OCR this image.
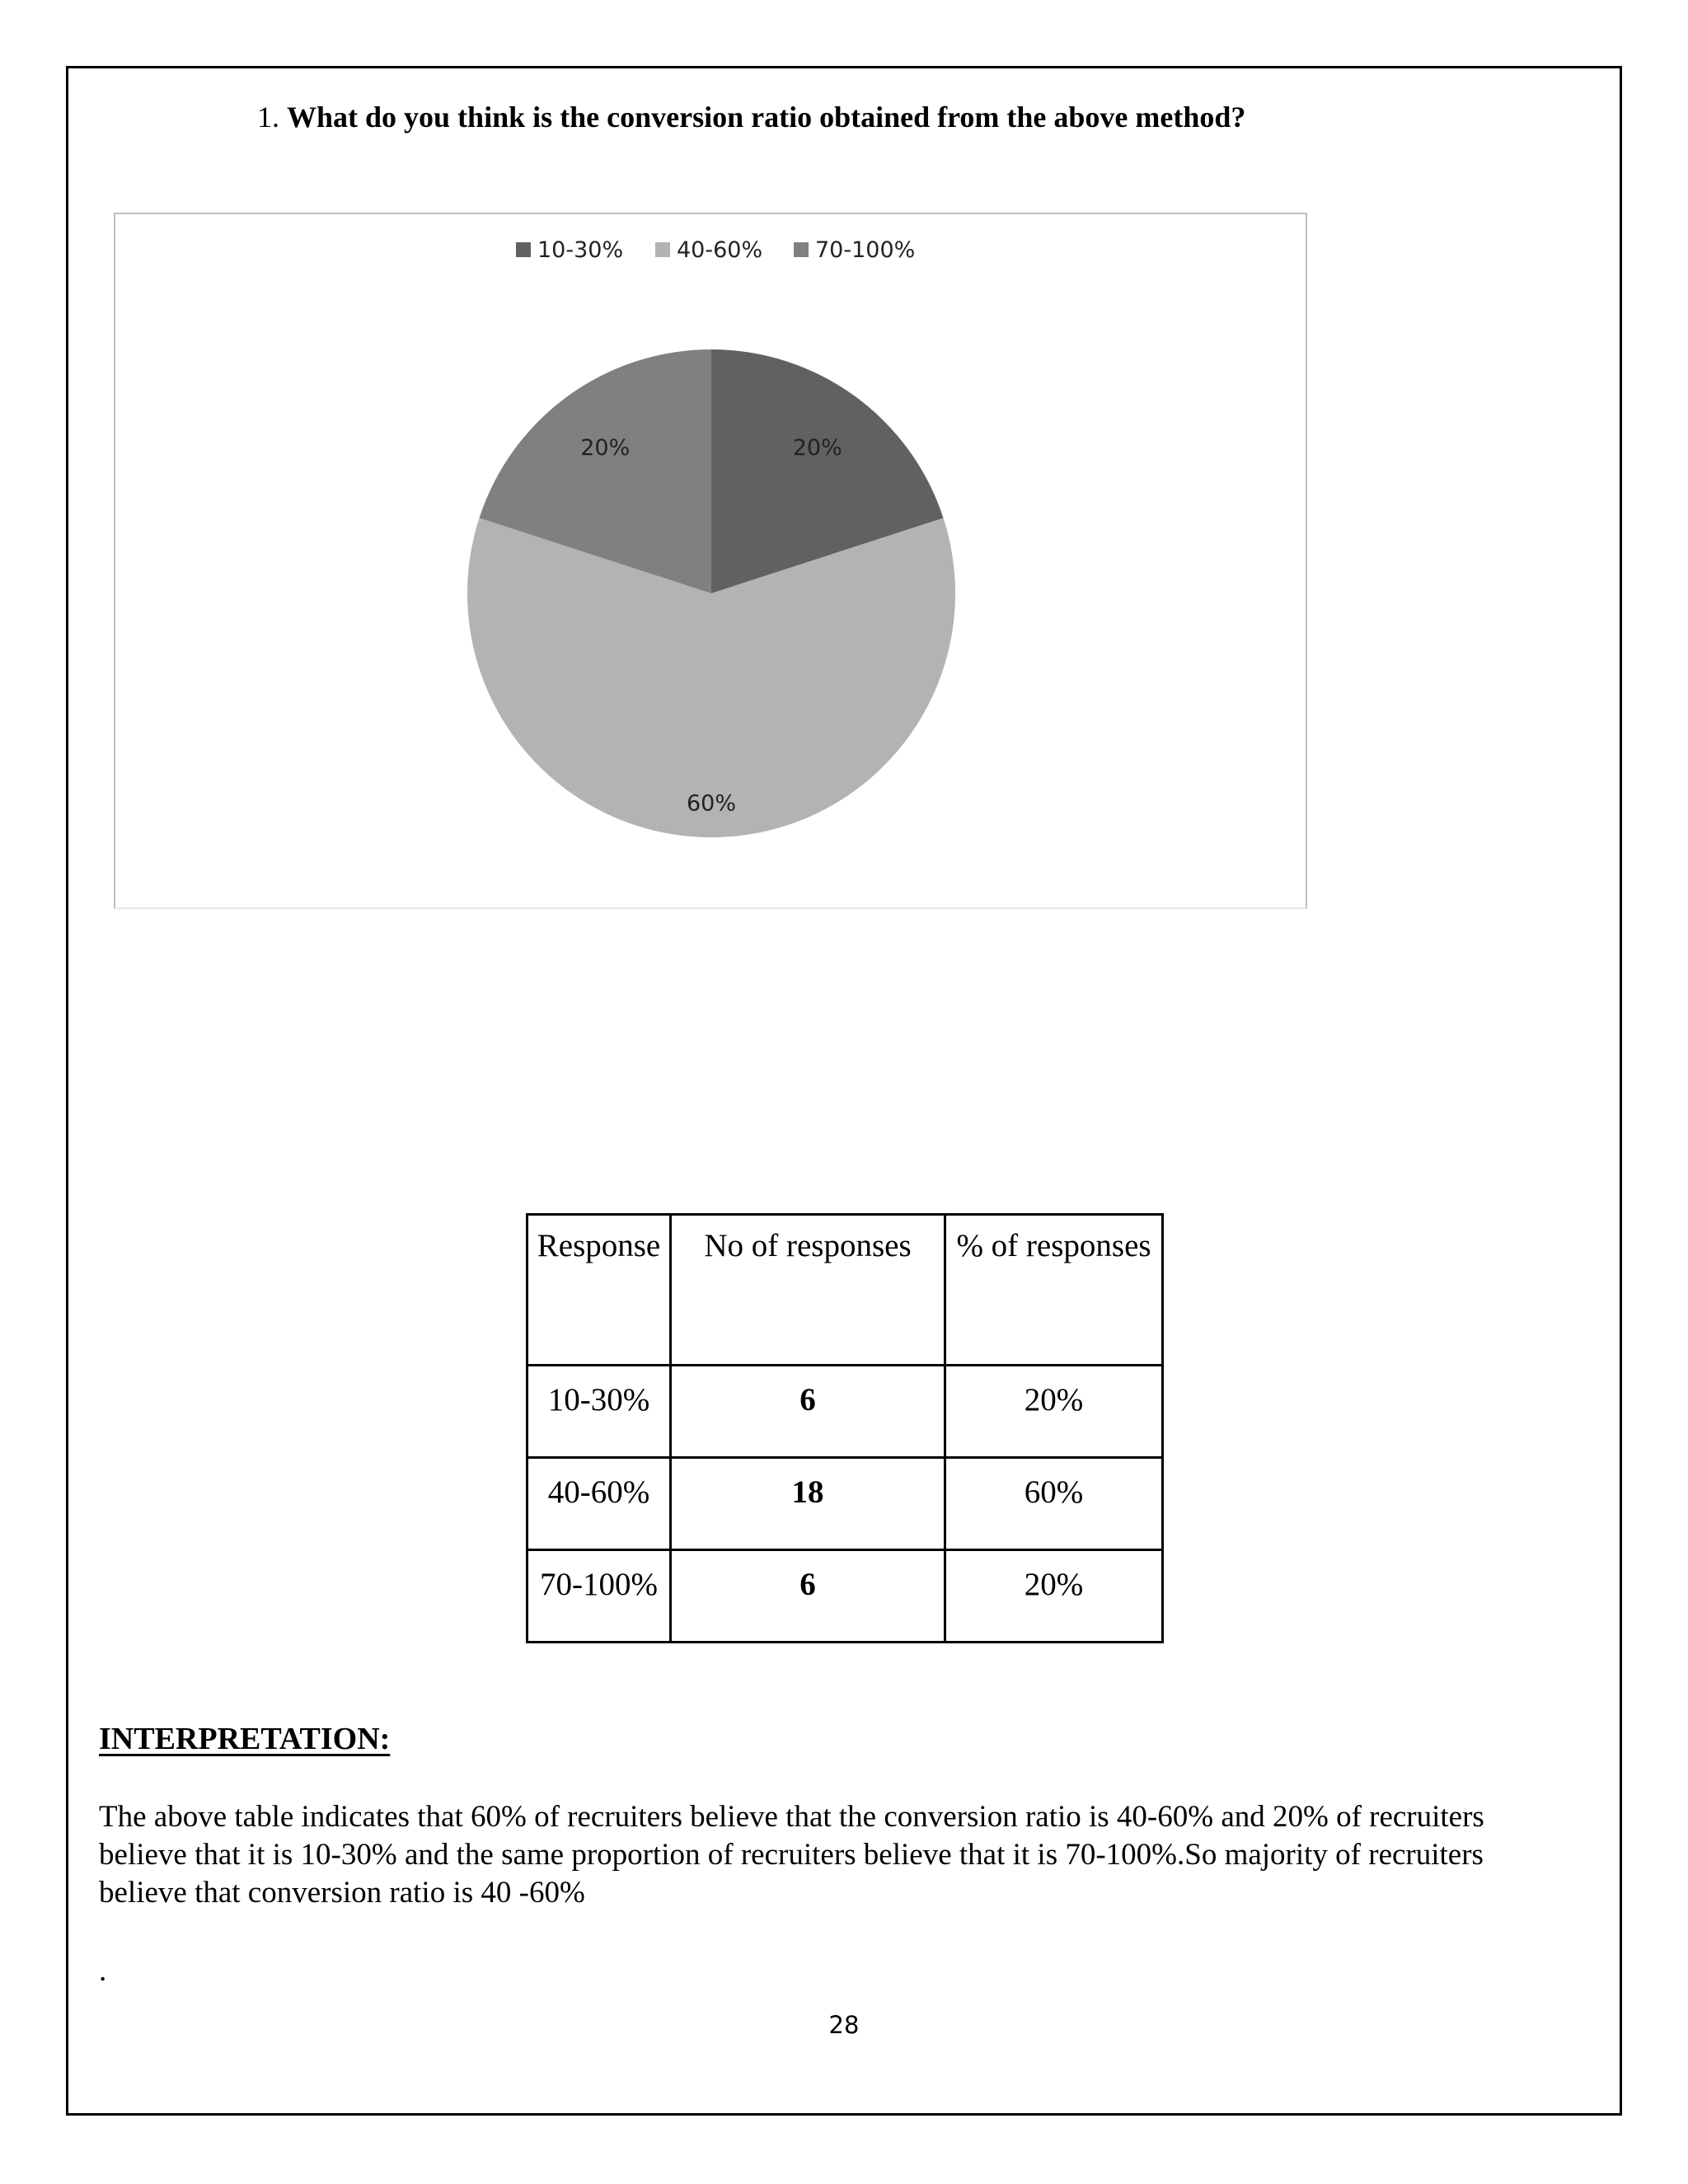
1. What do you think is the conversion ratio obtained from the above method?
10-30% 40-60% 70-100%
20%
60%
20%
Response	No of responses	% of responses
10-30%	6	20%
40-60%	18	60%
70-100%	6	20%
INTERPRETATION:
The above table indicates that 60% of recruiters believe that the conversion ratio is 40-60% and 20% of recruiters believe that it is 10-30% and the same proportion of recruiters believe that it is 70-100%.So majority of recruiters believe that conversion ratio is 40 -60%
.
28
